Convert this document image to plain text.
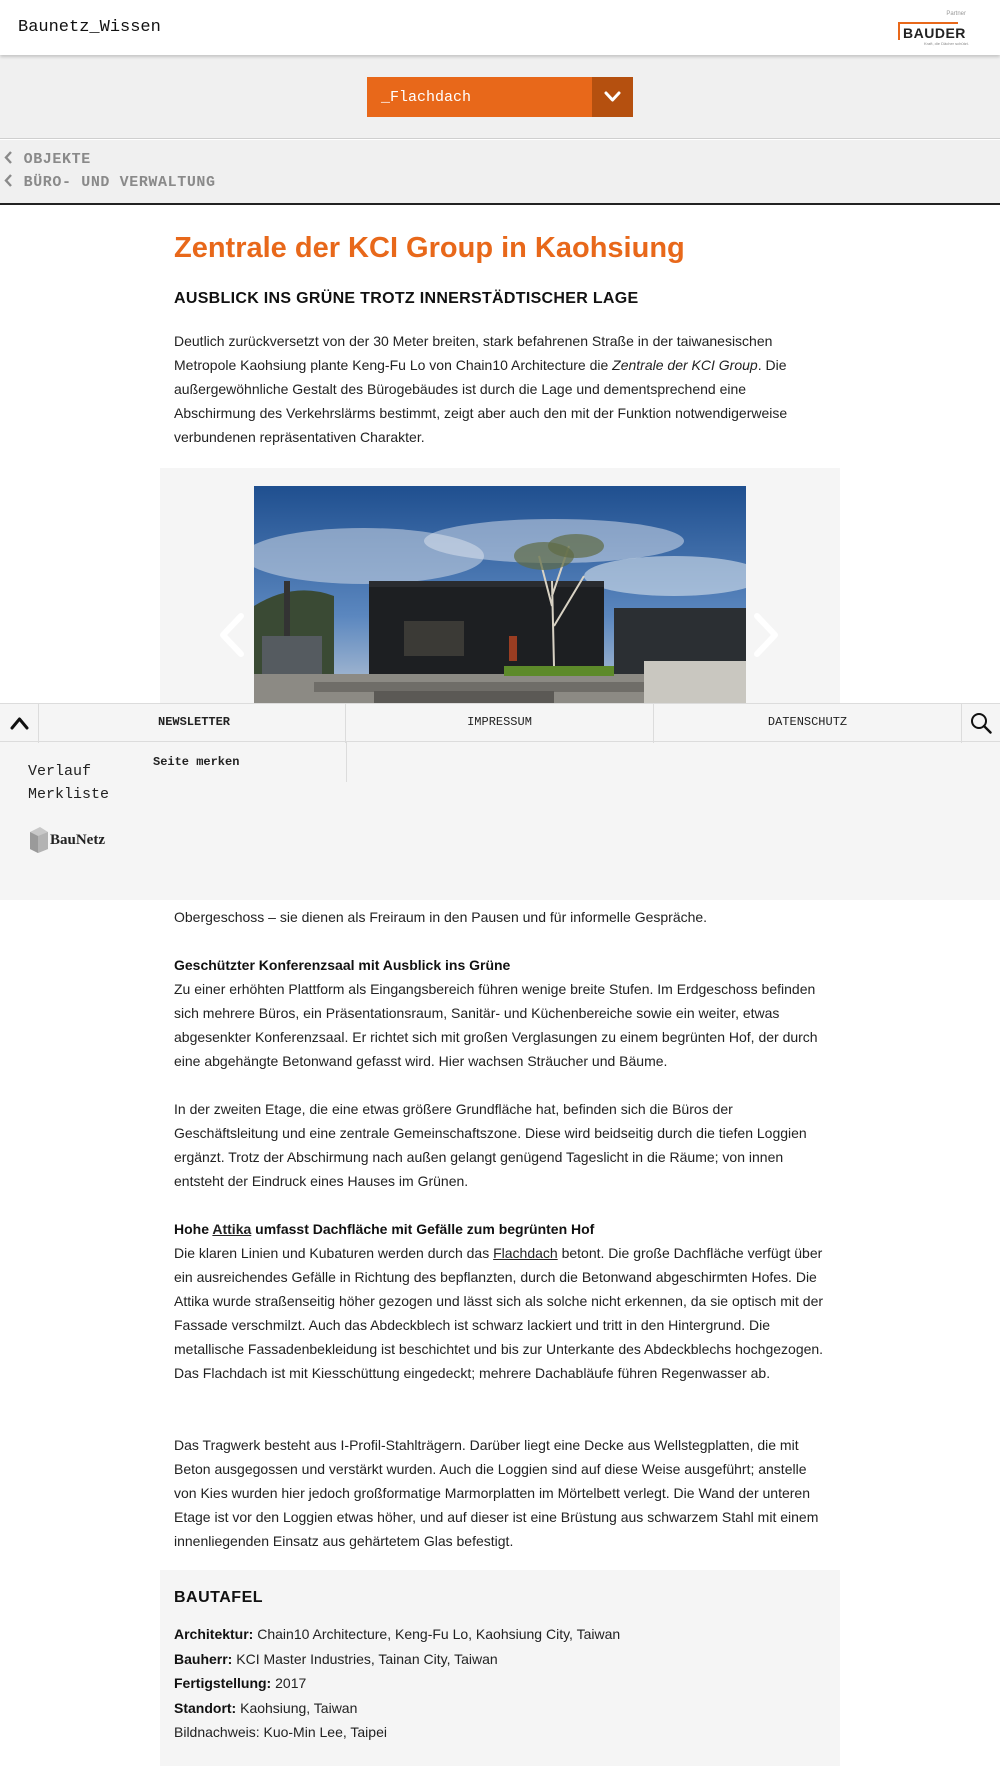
Baunetz_Wissen
Partner
BAUDER
Kraft, die Dächer schützt.
_Flachdach
OBJEKTE
BÜRO- UND VERWALTUNG
Zentrale der KCI Group in Kaohsiung
AUSBLICK INS GRÜNE TROTZ INNERSTÄDTISCHER LAGE

Deutlich zurückversetzt von der 30 Meter breiten, stark befahrenen Straße in der taiwanesischen Metropole Kaohsiung plante Keng-Fu Lo von Chain10 Architecture die Zentrale der KCI Group. Die außergewöhnliche Gestalt des Bürogebäudes ist durch die Lage und dementsprechend eine Abschirmung des Verkehrslärms bestimmt, zeigt aber auch den mit der Funktion notwendigerweise verbundenen repräsentativen Charakter.

NEWSLETTER	IMPRESSUM	DATENSCHUTZ
Seite merken
Verlauf
Merkliste
BauNetz

Obergeschoss – sie dienen als Freiraum in den Pausen und für informelle Gespräche.

Geschützter Konferenzsaal mit Ausblick ins Grüne

Zu einer erhöhten Plattform als Eingangsbereich führen wenige breite Stufen. Im Erdgeschoss befinden sich mehrere Büros, ein Präsentationsraum, Sanitär- und Küchenbereiche sowie ein weiter, etwas abgesenkter Konferenzsaal. Er richtet sich mit großen Verglasungen zu einem begrünten Hof, der durch eine abgehängte Betonwand gefasst wird. Hier wachsen Sträucher und Bäume.

In der zweiten Etage, die eine etwas größere Grundfläche hat, befinden sich die Büros der Geschäftsleitung und eine zentrale Gemeinschaftszone. Diese wird beidseitig durch die tiefen Loggien ergänzt. Trotz der Abschirmung nach außen gelangt genügend Tageslicht in die Räume; von innen entsteht der Eindruck eines Hauses im Grünen.

Hohe Attika umfasst Dachfläche mit Gefälle zum begrünten Hof

Die klaren Linien und Kubaturen werden durch das Flachdach betont. Die große Dachfläche verfügt über ein ausreichendes Gefälle in Richtung des bepflanzten, durch die Betonwand abgeschirmten Hofes. Die Attika wurde straßenseitig höher gezogen und lässt sich als solche nicht erkennen, da sie optisch mit der Fassade verschmilzt. Auch das Abdeckblech ist schwarz lackiert und tritt in den Hintergrund. Die metallische Fassadenbekleidung ist beschichtet und bis zur Unterkante des Abdeckblechs hochgezogen. Das Flachdach ist mit Kiesschüttung eingedeckt; mehrere Dachabläufe führen Regenwasser ab.

Das Tragwerk besteht aus I-Profil-Stahlträgern. Darüber liegt eine Decke aus Wellstegplatten, die mit Beton ausgegossen und verstärkt wurden. Auch die Loggien sind auf diese Weise ausgeführt; anstelle von Kies wurden hier jedoch großformatige Marmorplatten im Mörtelbett verlegt. Die Wand der unteren Etage ist vor den Loggien etwas höher, und auf dieser ist eine Brüstung aus schwarzem Stahl mit einem innenliegenden Einsatz aus gehärtetem Glas befestigt.

BAUTAFEL
Architektur: Chain10 Architecture, Keng-Fu Lo, Kaohsiung City, Taiwan
Bauherr: KCI Master Industries, Tainan City, Taiwan
Fertigstellung: 2017
Standort: Kaohsiung, Taiwan
Bildnachweis: Kuo-Min Lee, Taipei
